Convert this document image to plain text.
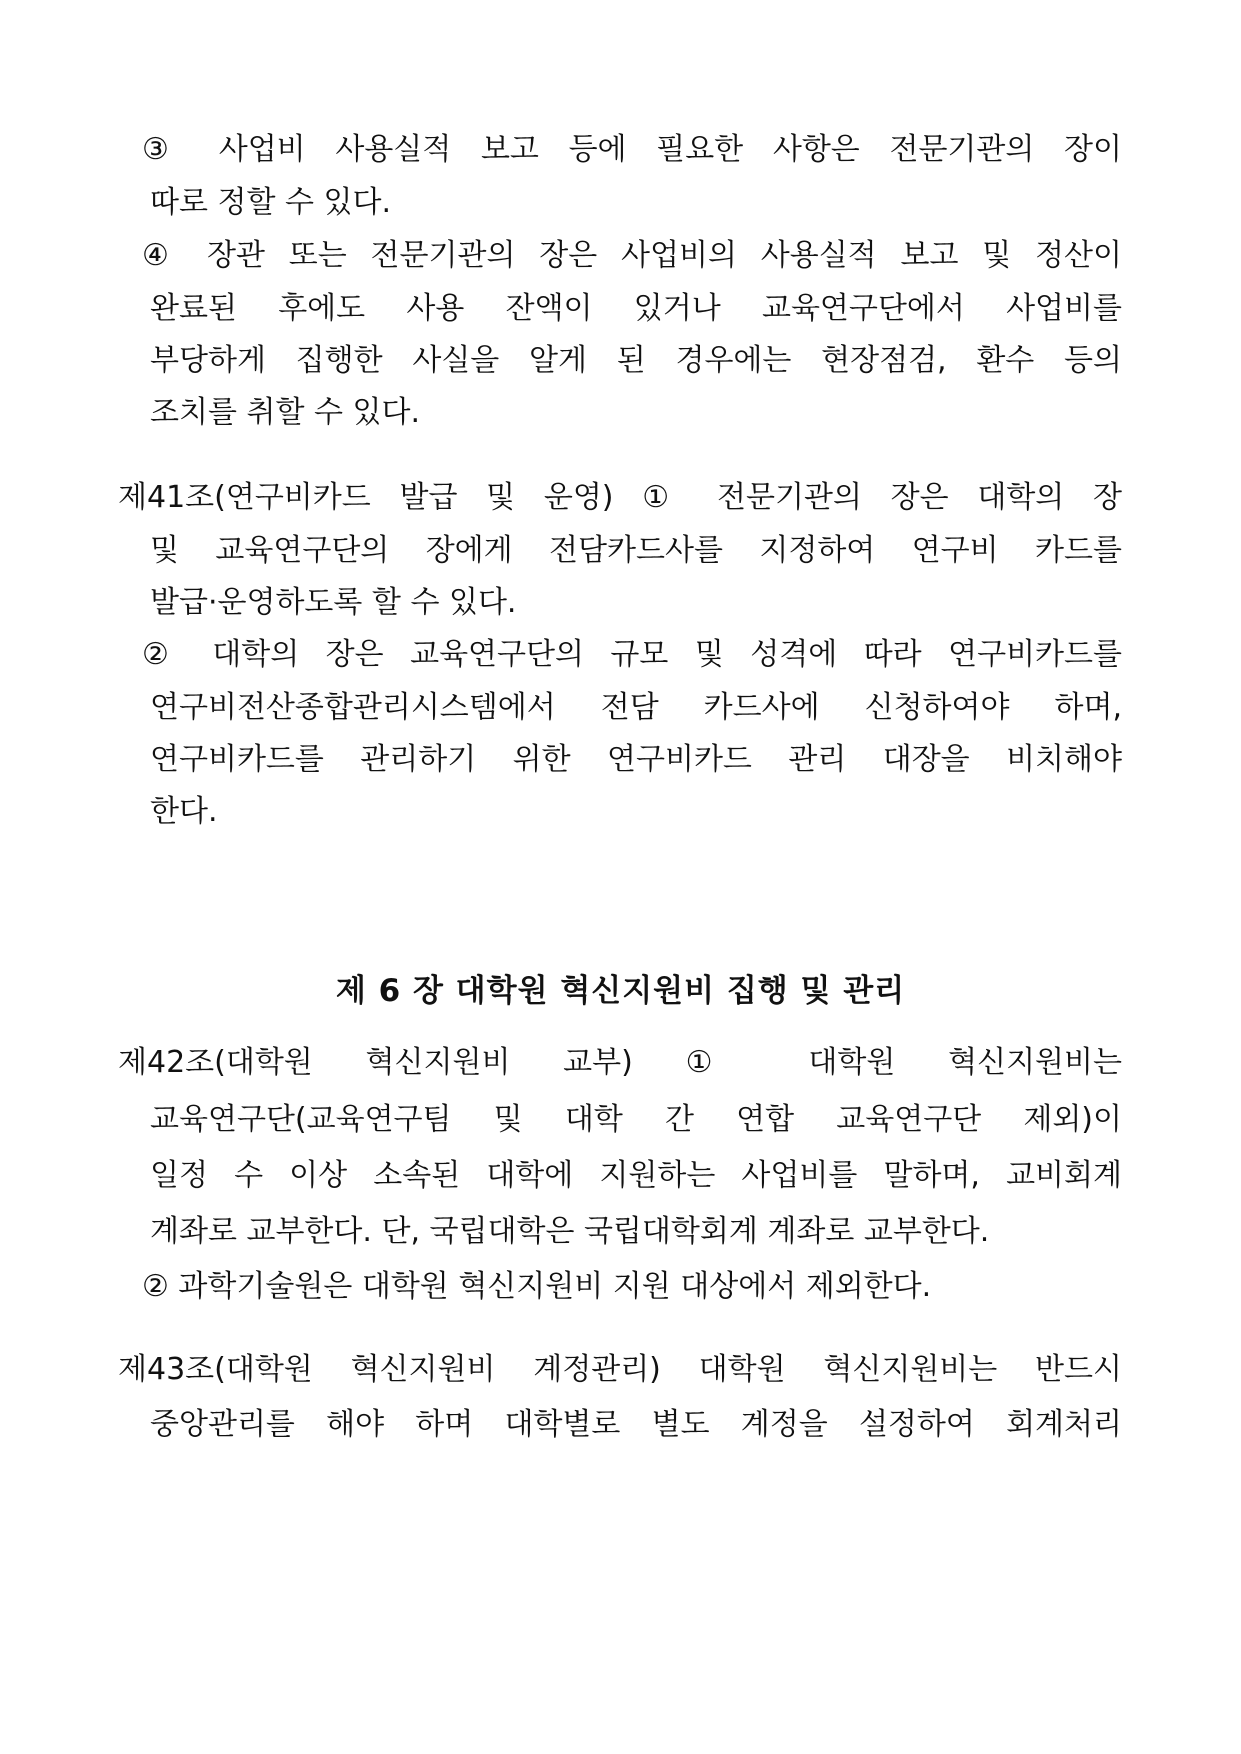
③ 사업비 사용실적 보고 등에 필요한 사항은 전문기관의 장이
따로 정할 수 있다.
④ 장관 또는 전문기관의 장은 사업비의 사용실적 보고 및 정산이
완료된 후에도 사용 잔액이 있거나 교육연구단에서 사업비를
부당하게 집행한 사실을 알게 된 경우에는 현장점검, 환수 등의
조치를 취할 수 있다.
제41조(연구비카드 발급 및 운영) ① 전문기관의 장은 대학의 장
및 교육연구단의 장에게 전담카드사를 지정하여 연구비 카드를
발급·운영하도록 할 수 있다.
② 대학의 장은 교육연구단의 규모 및 성격에 따라 연구비카드를
연구비전산종합관리시스템에서 전담 카드사에 신청하여야 하며,
연구비카드를 관리하기 위한 연구비카드 관리 대장을 비치해야
한다.
제 6 장 대학원 혁신지원비 집행 및 관리
제42조(대학원 혁신지원비 교부) ① 대학원 혁신지원비는
교육연구단(교육연구팀 및 대학 간 연합 교육연구단 제외)이
일정 수 이상 소속된 대학에 지원하는 사업비를 말하며, 교비회계
계좌로 교부한다. 단, 국립대학은 국립대학회계 계좌로 교부한다.
② 과학기술원은 대학원 혁신지원비 지원 대상에서 제외한다.
제43조(대학원 혁신지원비 계정관리) 대학원 혁신지원비는 반드시
중앙관리를 해야 하며 대학별로 별도 계정을 설정하여 회계처리
